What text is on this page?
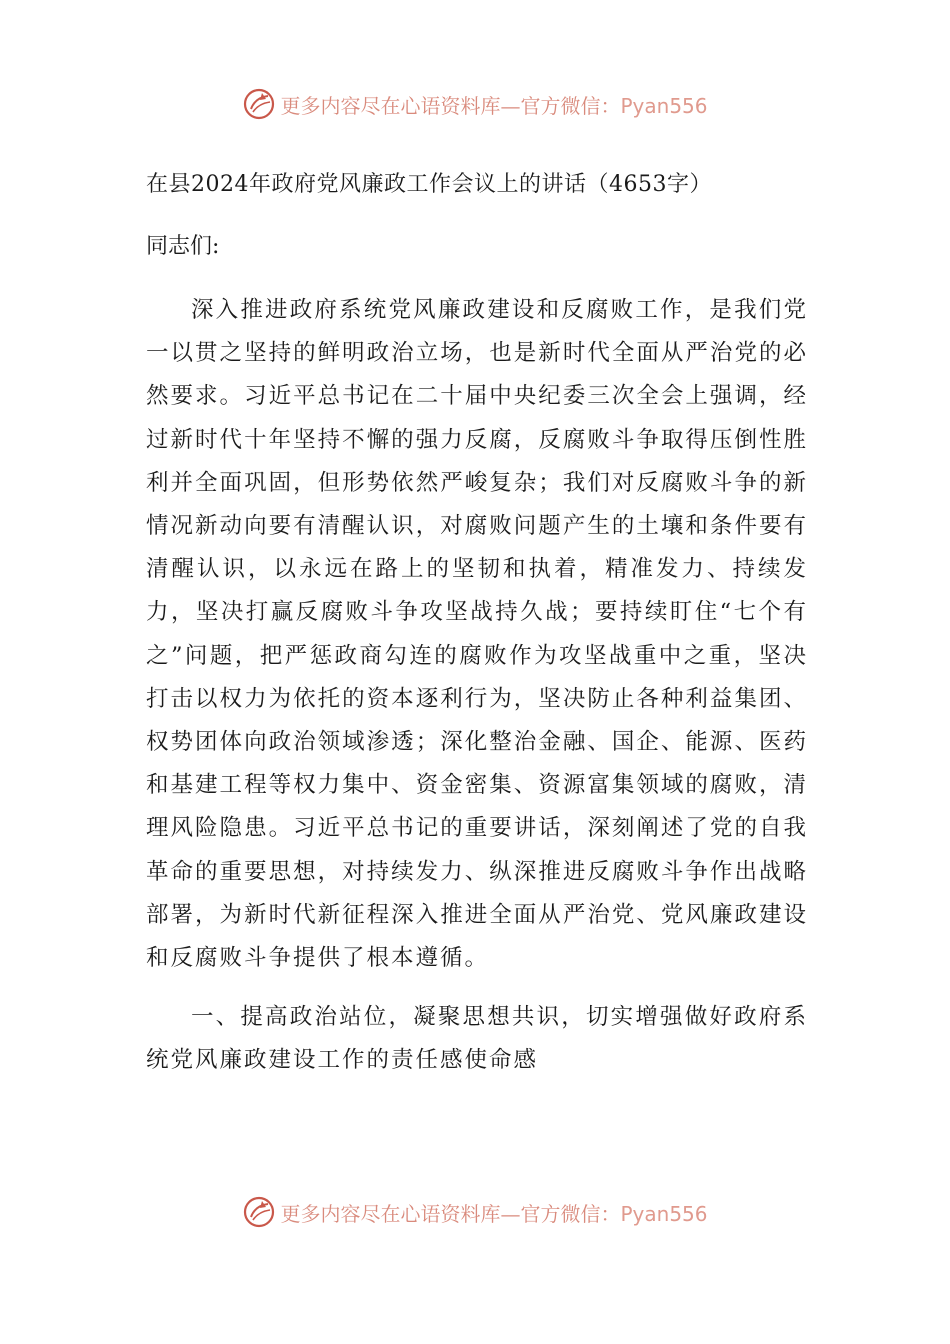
更多内容尽在心语资料库—官方微信：Pyan556
在县2024年政府党风廉政工作会议上的讲话（4653字）
同志们:

深入推进政府系统党风廉政建设和反腐败工作，是我们党一以贯之坚持的鲜明政治立场，也是新时代全面从严治党的必然要求。习近平总书记在二十届中央纪委三次全会上强调，经过新时代十年坚持不懈的强力反腐，反腐败斗争取得压倒性胜利并全面巩固，但形势依然严峻复杂；我们对反腐败斗争的新情况新动向要有清醒认识，对腐败问题产生的土壤和条件要有清醒认识，以永远在路上的坚韧和执着，精准发力、持续发力，坚决打赢反腐败斗争攻坚战持久战；要持续盯住“七个有之”问题，把严惩政商勾连的腐败作为攻坚战重中之重，坚决打击以权力为依托的资本逐利行为，坚决防止各种利益集团、权势团体向政治领域渗透；深化整治金融、国企、能源、医药和基建工程等权力集中、资金密集、资源富集领域的腐败，清理风险隐患。习近平总书记的重要讲话，深刻阐述了党的自我革命的重要思想，对持续发力、纵深推进反腐败斗争作出战略部署，为新时代新征程深入推进全面从严治党、党风廉政建设和反腐败斗争提供了根本遵循。

一、提高政治站位，凝聚思想共识，切实增强做好政府系统党风廉政建设工作的责任感使命感

更多内容尽在心语资料库—官方微信：Pyan556
